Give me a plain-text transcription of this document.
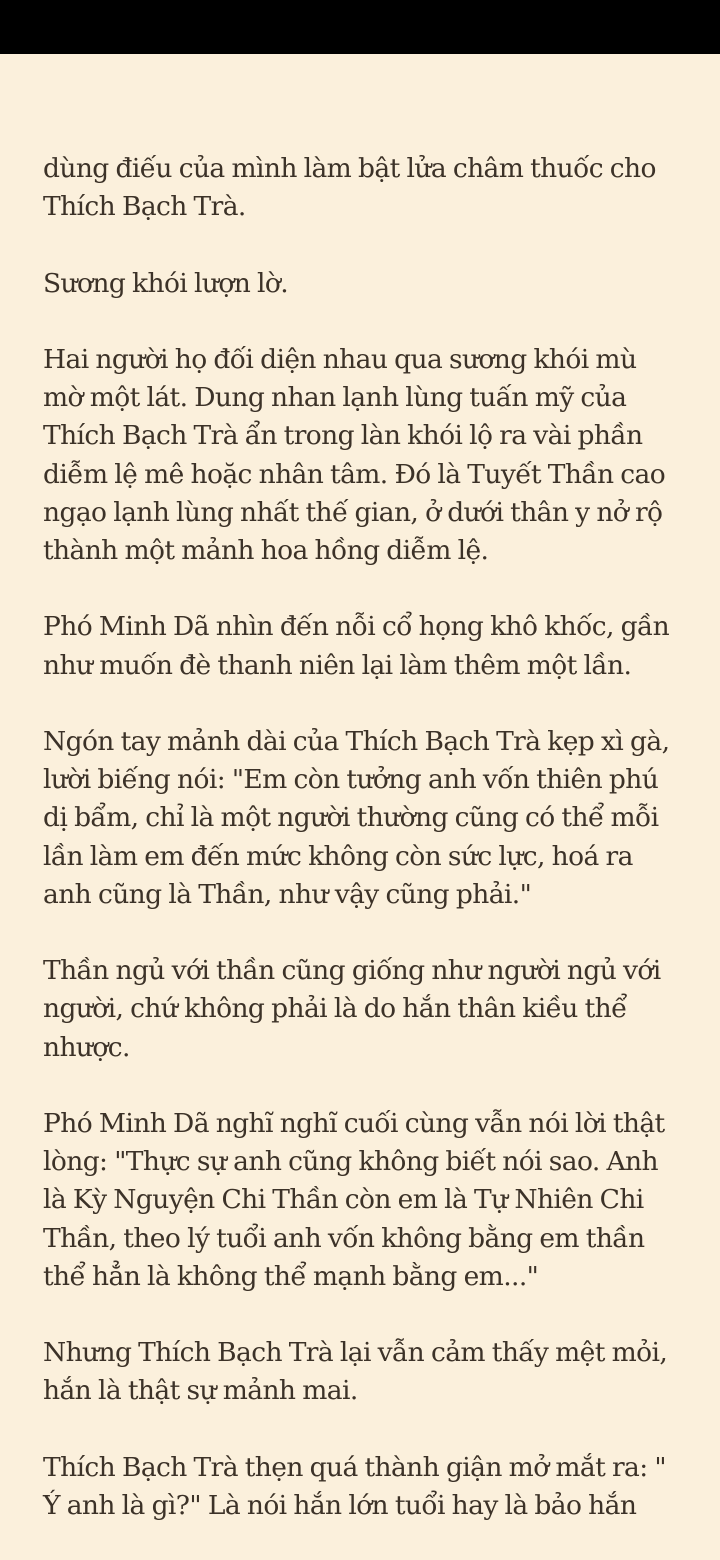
dùng điếu của mình làm bật lửa châm thuốc cho
Thích Bạch Trà.

Sương khói lượn lờ.

Hai người họ đối diện nhau qua sương khói mù
mờ một lát. Dung nhan lạnh lùng tuấn mỹ của
Thích Bạch Trà ẩn trong làn khói lộ ra vài phần
diễm lệ mê hoặc nhân tâm. Đó là Tuyết Thần cao
ngạo lạnh lùng nhất thế gian, ở dưới thân y nở rộ
thành một mảnh hoa hồng diễm lệ.

Phó Minh Dã nhìn đến nỗi cổ họng khô khốc, gần
như muốn đè thanh niên lại làm thêm một lần.

Ngón tay mảnh dài của Thích Bạch Trà kẹp xì gà,
lười biếng nói: "Em còn tưởng anh vốn thiên phú
dị bẩm, chỉ là một người thường cũng có thể mỗi
lần làm em đến mức không còn sức lực, hoá ra
anh cũng là Thần, như vậy cũng phải."

Thần ngủ với thần cũng giống như người ngủ với
người, chứ không phải là do hắn thân kiều thể
nhược.

Phó Minh Dã nghĩ nghĩ cuối cùng vẫn nói lời thật
lòng: "Thực sự anh cũng không biết nói sao. Anh
là Kỳ Nguyện Chi Thần còn em là Tự Nhiên Chi
Thần, theo lý tuổi anh vốn không bằng em thần
thể hẳn là không thể mạnh bằng em..."

Nhưng Thích Bạch Trà lại vẫn cảm thấy mệt mỏi,
hắn là thật sự mảnh mai.

Thích Bạch Trà thẹn quá thành giận mở mắt ra: "
Ý anh là gì?" Là nói hắn lớn tuổi hay là bảo hắn
